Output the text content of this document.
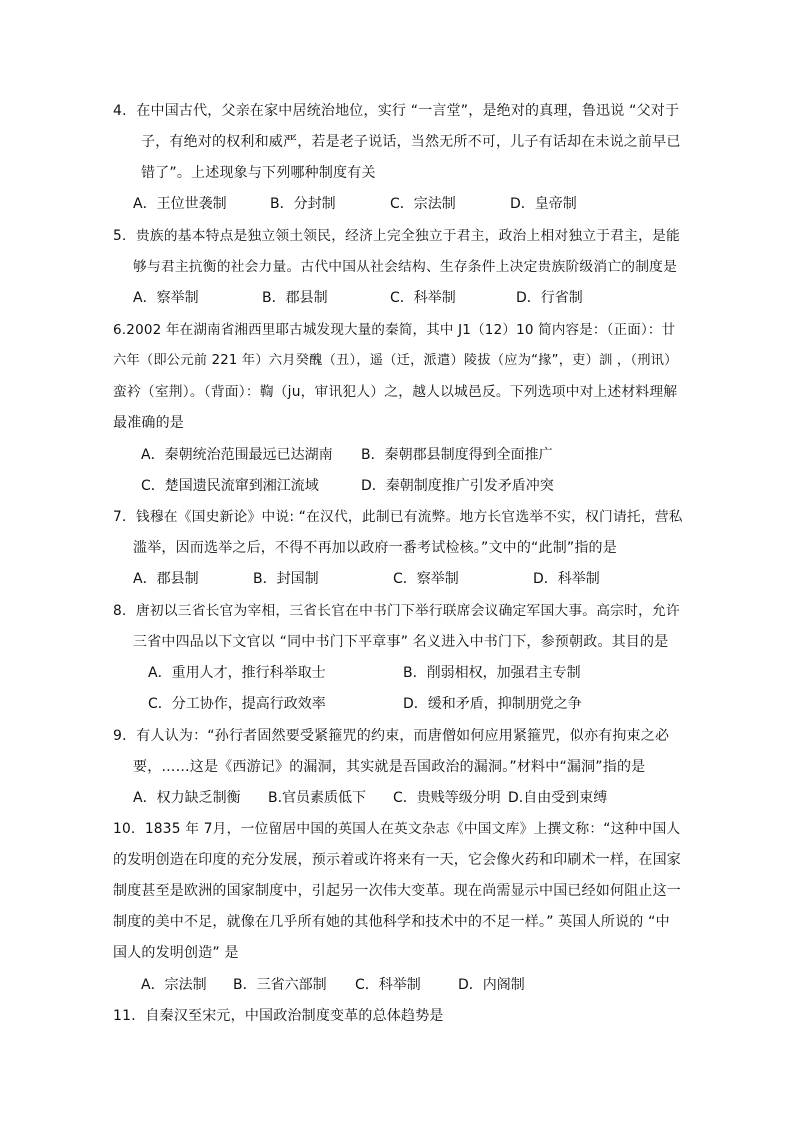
4．在中国古代，父亲在家中居统治地位，实行 “一言堂”，是绝对的真理，鲁迅说 “父对于
子，有绝对的权利和威严，若是老子说话，当然无所不可，儿子有话却在未说之前早已
错了”。上述现象与下列哪种制度有关
A．王位世袭制	B．分封制	C．宗法制	D．皇帝制
5．贵族的基本特点是独立领土领民，经济上完全独立于君主，政治上相对独立于君主，是能
够与君主抗衡的社会力量。古代中国从社会结构、生存条件上决定贵族阶级消亡的制度是
A．察举制	B．郡县制	C．科举制	D．行省制
6.2002 年在湖南省湘西里耶古城发现大量的秦简，其中 J1（12）10 简内容是：（正面）：廿
六年（即公元前 221 年）六月癸醜（丑），遥（迁，派遣）陵拔（应为“掾”，吏）訓 ，（刑讯）
蛮衿（室荆）。（背面）：鞫（ju，审讯犯人）之，越人以城邑反。下列选项中对上述材料理解
最准确的是
A．秦朝统治范围最远已达湖南 B．秦朝郡县制度得到全面推广
C．楚国遗民流窜到湘江流域	D．秦朝制度推广引发矛盾冲突
7．钱穆在《国史新论》中说: “在汉代，此制已有流弊。地方长官选举不实，权门请托，营私
滥举，因而选举之后，不得不再加以政府一番考试检核。”文中的“此制”指的是
A．郡县制	B．封国制	C．察举制	D．科举制
8．唐初以三省长官为宰相，三省长官在中书门下举行联席会议确定军国大事。高宗时，允许
三省中四品以下文官以 “同中书门下平章事” 名义进入中书门下，参预朝政。其目的是
A．重用人才，推行科举取士	B．削弱相权，加强君主专制
C．分工协作，提高行政效率	D．缓和矛盾，抑制朋党之争
9．有人认为：“孙行者固然要受紧箍咒的约束，而唐僧如何应用紧箍咒，似亦有拘束之必
要，……这是《西游记》的漏洞，其实就是吾国政治的漏洞。”材料中“漏洞”指的是
A．权力缺乏制衡 B.官员素质低下 C．贵贱等级分明 D.自由受到束缚
10．1835 年 7月，一位留居中国的英国人在英文杂志《中国文库》上撰文称：“这种中国人
的发明创造在印度的充分发展，预示着或许将来有一天，它会像火药和印刷术一样，在国家
制度甚至是欧洲的国家制度中，引起另一次伟大变革。现在尚需显示中国已经如何阻止这一
制度的美中不足，就像在几乎所有她的其他科学和技术中的不足一样。” 英国人所说的 “中
国人的发明创造” 是
A．宗法制 B．三省六部制 C．科举制	D．内阁制
11．自秦汉至宋元，中国政治制度变革的总体趋势是
